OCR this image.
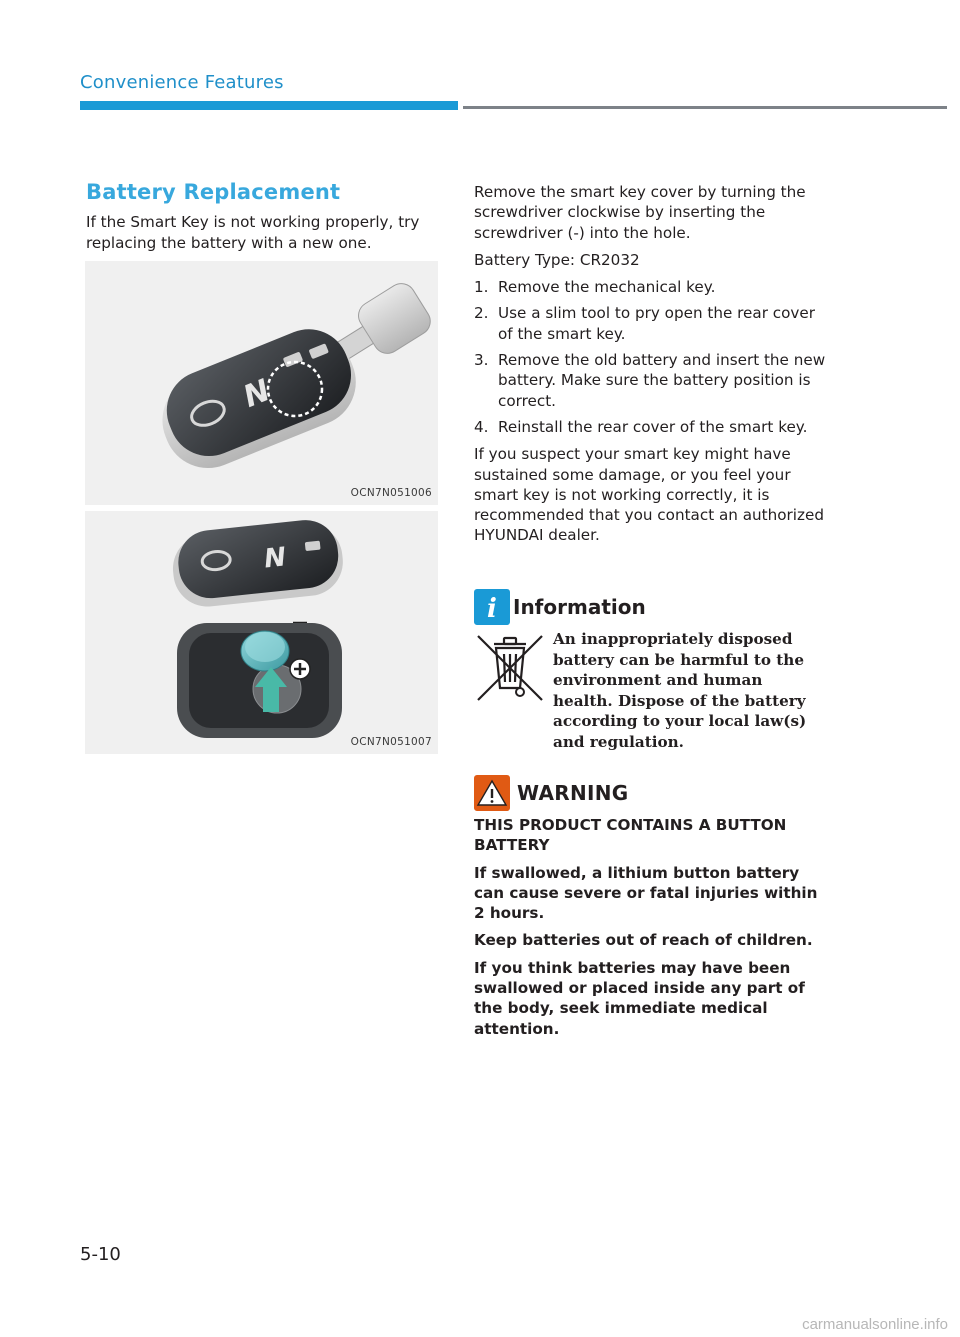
Convenience Features
Battery Replacement

If the Smart Key is not working properly, try replacing the battery with a new one.

N
OCN7N051006
N
OCN7N051007

Remove the smart key cover by turning the screwdriver clockwise by inserting the screwdriver (-) into the hole.

Battery Type: CR2032

1. Remove the mechanical key.
2. Use a slim tool to pry open the rear cover of the smart key.
3. Remove the old battery and insert the new battery. Make sure the battery position is correct.
4. Reinstall the rear cover of the smart key.

If you suspect your smart key might have sustained some damage, or you feel your smart key is not working correctly, it is recommended that you contact an authorized HYUNDAI dealer.

i Information

An inappropriately disposed battery can be harmful to the environment and human health. Dispose of the battery according to your local law(s) and regulation.

WARNING

THIS PRODUCT CONTAINS A BUTTON BATTERY

If swallowed, a lithium button battery can cause severe or fatal injuries within 2 hours.

Keep batteries out of reach of children.

If you think batteries may have been swallowed or placed inside any part of the body, seek immediate medical attention.

5-10
carmanualsonline.info
